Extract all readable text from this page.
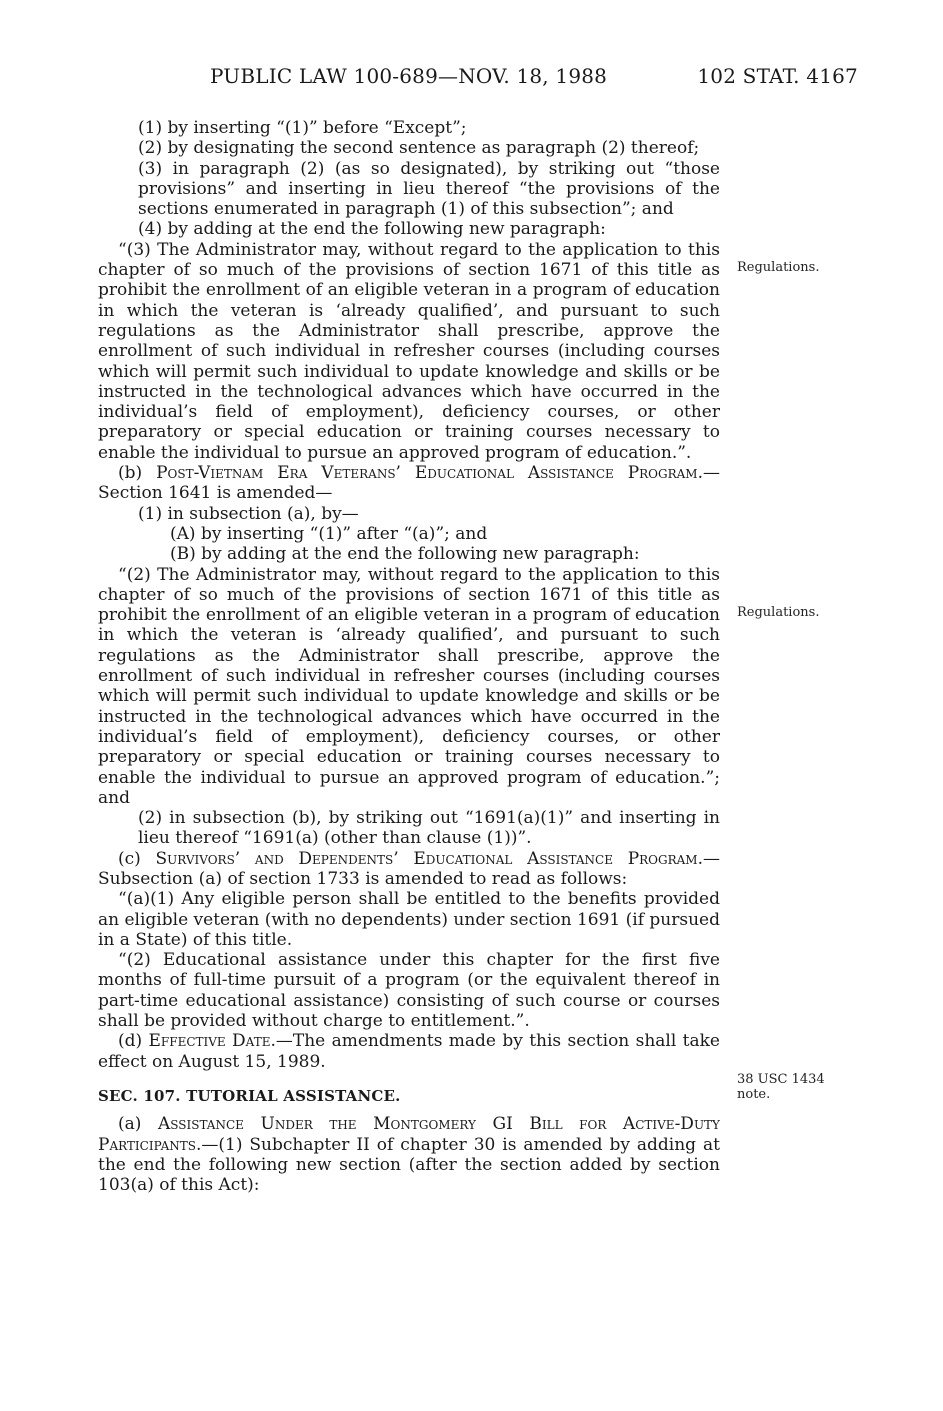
PUBLIC LAW 100-689—NOV. 18, 1988	102 STAT. 4167

(1) by inserting “(1)” before “Except”;

(2) by designating the second sentence as paragraph (2) thereof;

(3) in paragraph (2) (as so designated), by striking out “those provisions” and inserting in lieu thereof “the provisions of the sections enumerated in paragraph (1) of this subsection”; and

(4) by adding at the end the following new paragraph:

“(3) The Administrator may, without regard to the application to this chapter of so much of the provisions of section 1671 of this title as prohibit the enrollment of an eligible veteran in a program of education in which the veteran is ‘already qualified’, and pursuant to such regulations as the Administrator shall prescribe, approve the enrollment of such individual in refresher courses (including courses which will permit such individual to update knowledge and skills or be instructed in the technological advances which have occurred in the individual’s field of employment), deficiency courses, or other preparatory or special education or training courses necessary to enable the individual to pursue an approved program of education.”.

(b) Post-Vietnam Era Veterans’ Educational Assistance Program.—Section 1641 is amended—

(1) in subsection (a), by—

(A) by inserting “(1)” after “(a)”; and

(B) by adding at the end the following new paragraph:

“(2) The Administrator may, without regard to the application to this chapter of so much of the provisions of section 1671 of this title as prohibit the enrollment of an eligible veteran in a program of education in which the veteran is ‘already qualified’, and pursuant to such regulations as the Administrator shall prescribe, approve the enrollment of such individual in refresher courses (including courses which will permit such individual to update knowledge and skills or be instructed in the technological advances which have occurred in the individual’s field of employment), deficiency courses, or other preparatory or special education or training courses necessary to enable the individual to pursue an approved program of education.”; and

(2) in subsection (b), by striking out “1691(a)(1)” and inserting in lieu thereof “1691(a) (other than clause (1))”.

(c) Survivors’ and Dependents’ Educational Assistance Program.—Subsection (a) of section 1733 is amended to read as follows:

“(a)(1) Any eligible person shall be entitled to the benefits provided an eligible veteran (with no dependents) under section 1691 (if pursued in a State) of this title.

“(2) Educational assistance under this chapter for the first five months of full-time pursuit of a program (or the equivalent thereof in part-time educational assistance) consisting of such course or courses shall be provided without charge to entitlement.”.

(d) Effective Date.—The amendments made by this section shall take effect on August 15, 1989.

SEC. 107. TUTORIAL ASSISTANCE.

(a) Assistance Under the Montgomery GI Bill for Active-Duty Participants.—(1) Subchapter II of chapter 30 is amended by adding at the end the following new section (after the section added by section 103(a) of this Act):

Regulations.
Regulations.
38 USC 1434
note.
